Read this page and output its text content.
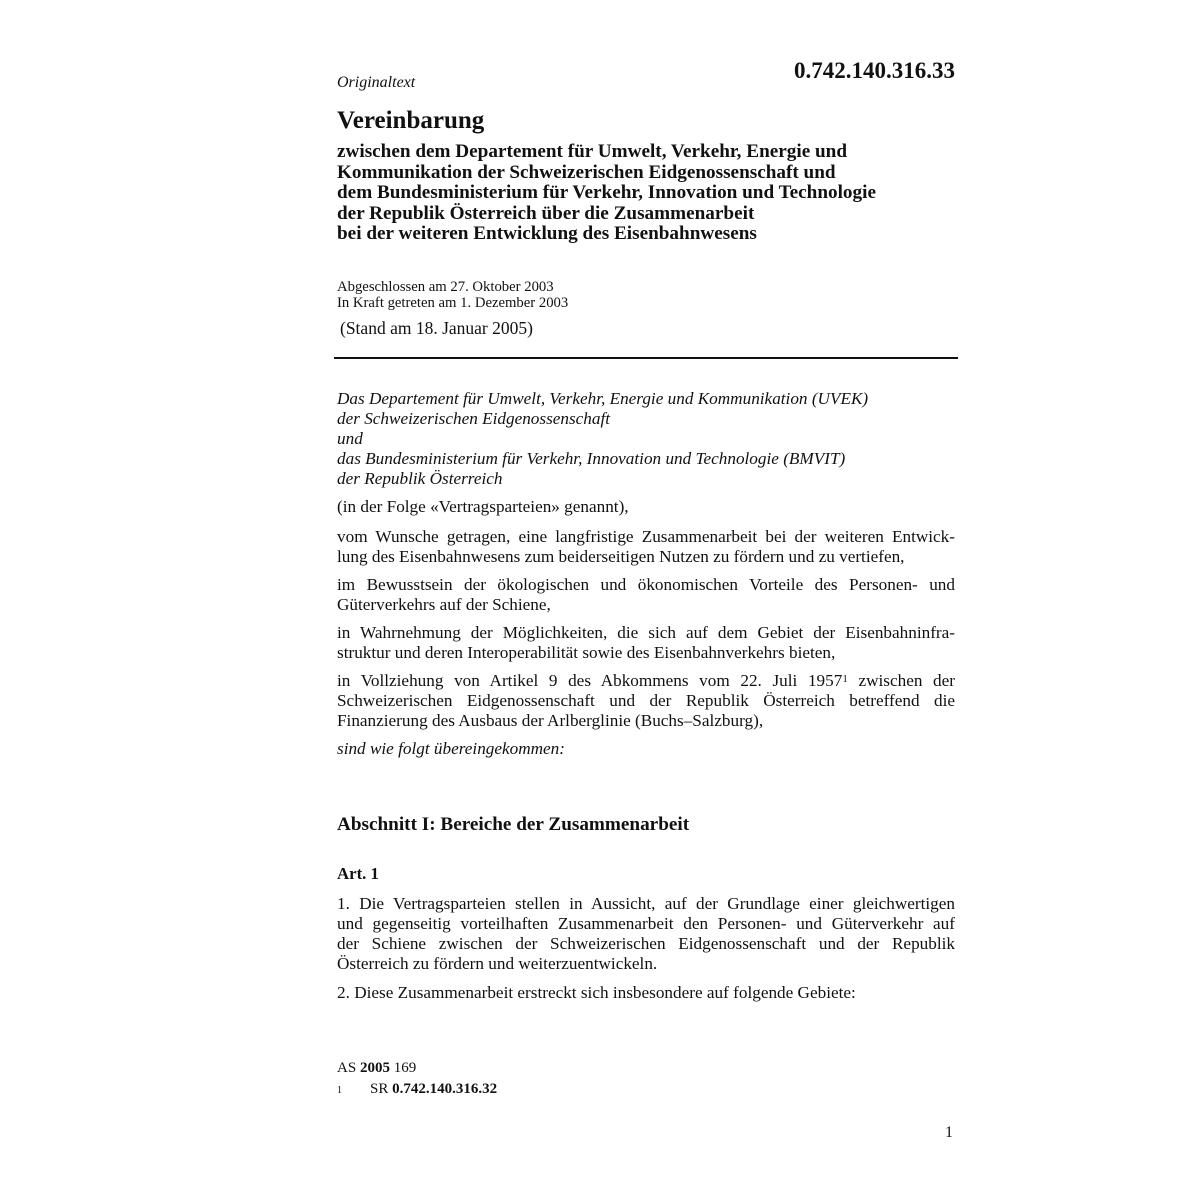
Originaltext	0.742.140.316.33
Vereinbarung
zwischen dem Departement für Umwelt, Verkehr, Energie und
Kommunikation der Schweizerischen Eidgenossenschaft und
dem Bundesministerium für Verkehr, Innovation und Technologie
der Republik Österreich über die Zusammenarbeit
bei der weiteren Entwicklung des Eisenbahnwesens
Abgeschlossen am 27. Oktober 2003
In Kraft getreten am 1. Dezember 2003
(Stand am 18. Januar 2005)
Das Departement für Umwelt, Verkehr, Energie und Kommunikation (UVEK)
der Schweizerischen Eidgenossenschaft
und
das Bundesministerium für Verkehr, Innovation und Technologie (BMVIT)
der Republik Österreich
(in der Folge «Vertragsparteien» genannt),
vom Wunsche getragen, eine langfristige Zusammenarbeit bei der weiteren Entwick-
lung des Eisenbahnwesens zum beiderseitigen Nutzen zu fördern und zu vertiefen,
im Bewusstsein der ökologischen und ökonomischen Vorteile des Personen- und
Güterverkehrs auf der Schiene,
in Wahrnehmung der Möglichkeiten, die sich auf dem Gebiet der Eisenbahninfra-
struktur und deren Interoperabilität sowie des Eisenbahnverkehrs bieten,
in Vollziehung von Artikel 9 des Abkommens vom 22. Juli 1957$^1$ zwischen der
Schweizerischen Eidgenossenschaft und der Republik Österreich betreffend die
Finanzierung des Ausbaus der Arlberglinie (Buchs–Salzburg),
sind wie folgt übereingekommen:
Abschnitt I: Bereiche der Zusammenarbeit
Art. 1
1. Die Vertragsparteien stellen in Aussicht, auf der Grundlage einer gleichwertigen
und gegenseitig vorteilhaften Zusammenarbeit den Personen- und Güterverkehr auf
der Schiene zwischen der Schweizerischen Eidgenossenschaft und der Republik
Österreich zu fördern und weiterzuentwickeln.
2. Diese Zusammenarbeit erstreckt sich insbesondere auf folgende Gebiete:
AS 2005 169
1 SR 0.742.140.316.32
1
